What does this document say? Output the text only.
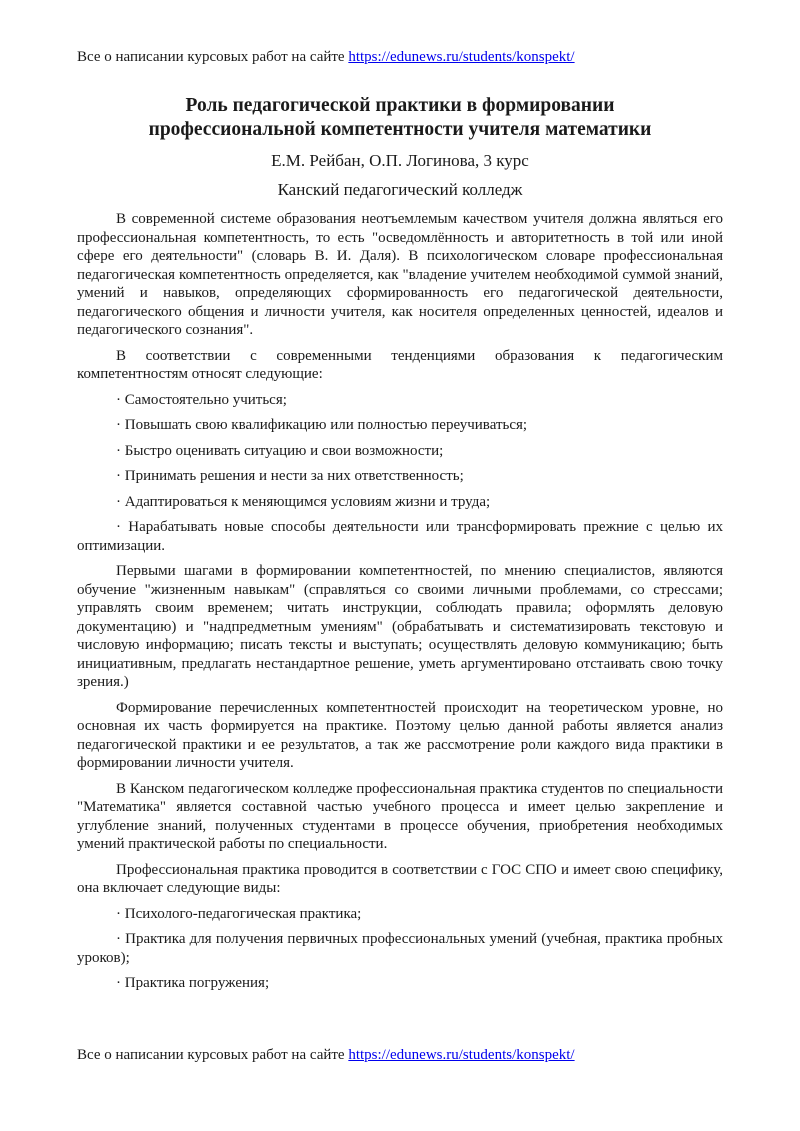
Все о написании курсовых работ на сайте https://edunews.ru/students/konspekt/
Роль педагогической практики в формировании
профессиональной компетентности учителя математики
Е.М. Рейбан, О.П. Логинова, 3 курс
Канский педагогический колледж

В современной системе образования неотъемлемым качеством учителя должна являться его профессиональная компетентность, то есть "осведомлённость и авторитетность в той или иной сфере его деятельности" (словарь В. И. Даля). В психологическом словаре профессиональная педагогическая компетентность определяется, как "владение учителем необходимой суммой знаний, умений и навыков, определяющих сформированность его педагогической деятельности, педагогического общения и личности учителя, как носителя определенных ценностей, идеалов и педагогического сознания".

В соответствии с современными тенденциями образования к педагогическим компетентностям относят следующие:

· Самостоятельно учиться;

· Повышать свою квалификацию или полностью переучиваться;

· Быстро оценивать ситуацию и свои возможности;

· Принимать решения и нести за них ответственность;

· Адаптироваться к меняющимся условиям жизни и труда;

· Нарабатывать новые способы деятельности или трансформировать прежние с целью их оптимизации.

Первыми шагами в формировании компетентностей, по мнению специалистов, являются обучение "жизненным навыкам" (справляться со своими личными проблемами, со стрессами; управлять своим временем; читать инструкции, соблюдать правила; оформлять деловую документацию) и "надпредметным умениям" (обрабатывать и систематизировать текстовую и числовую информацию; писать тексты и выступать; осуществлять деловую коммуникацию; быть инициативным, предлагать нестандартное решение, уметь аргументировано отстаивать свою точку зрения.)

Формирование перечисленных компетентностей происходит на теоретическом уровне, но основная их часть формируется на практике. Поэтому целью данной работы является анализ педагогической практики и ее результатов, а так же рассмотрение роли каждого вида практики в формировании личности учителя.

В Канском педагогическом колледже профессиональная практика студентов по специальности "Математика" является составной частью учебного процесса и имеет целью закрепление и углубление знаний, полученных студентами в процессе обучения, приобретения необходимых умений практической работы по специальности.

Профессиональная практика проводится в соответствии с ГОС СПО и имеет свою специфику, она включает следующие виды:

· Психолого-педагогическая практика;

· Практика для получения первичных профессиональных умений (учебная, практика пробных уроков);

· Практика погружения;

Все о написании курсовых работ на сайте https://edunews.ru/students/konspekt/
